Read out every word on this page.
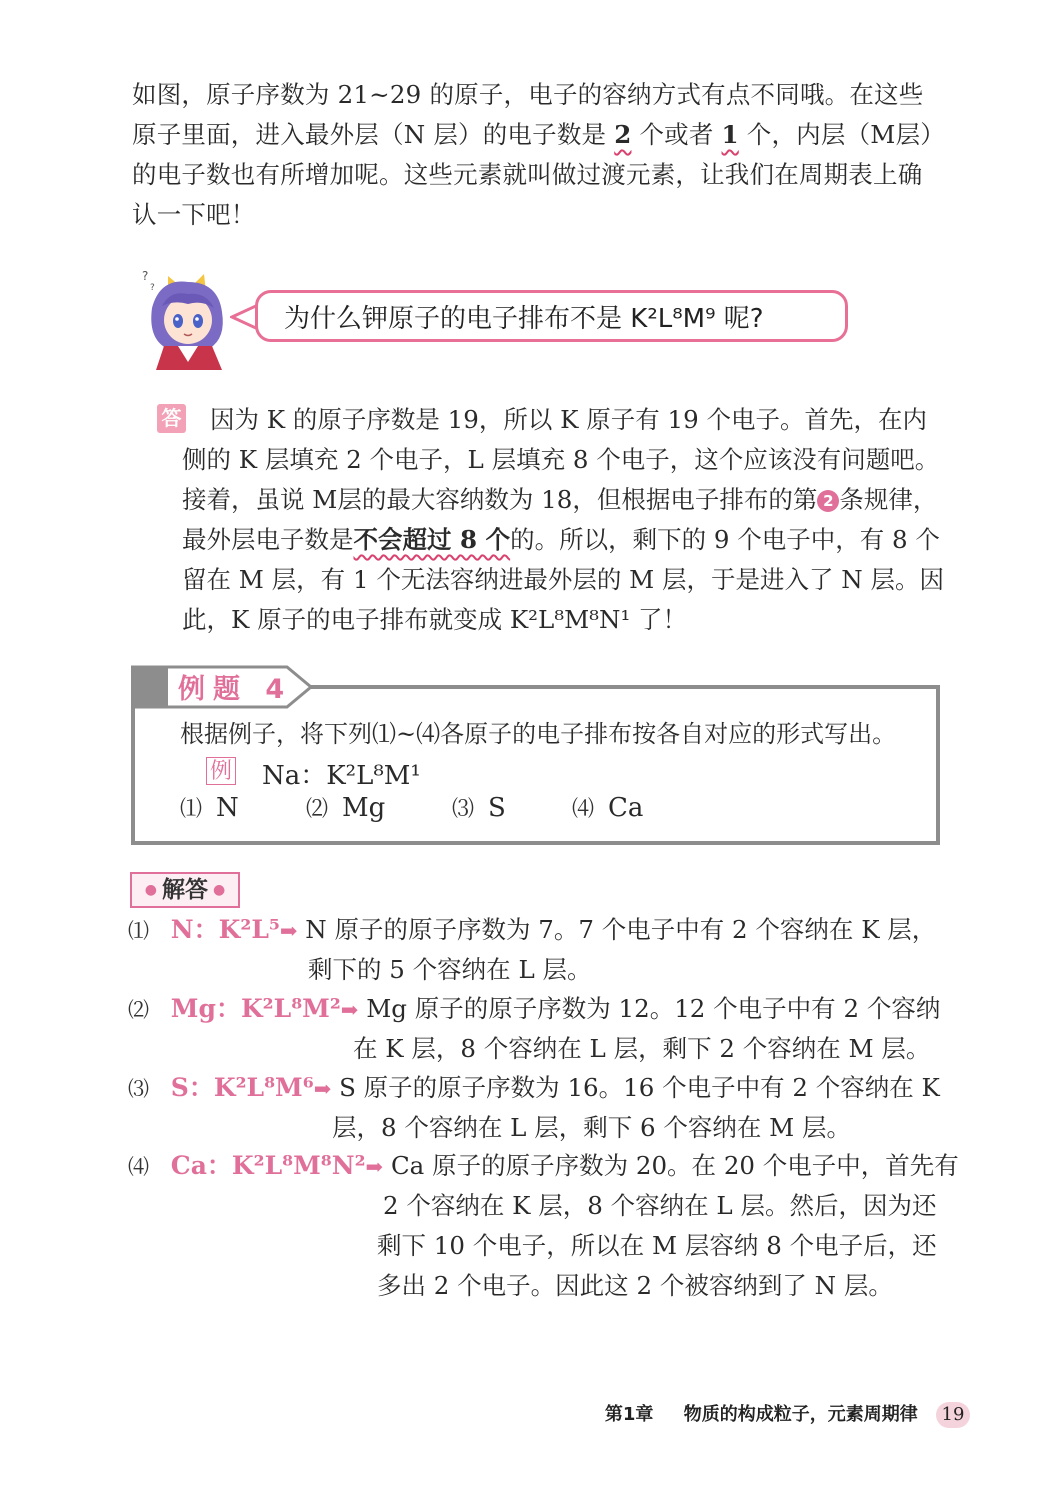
如图，原子序数为 21~29 的原子，电子的容纳方式有点不同哦。在这些

原子里面，进入最外层（N 层）的电子数是 2 个或者 1 个，内层（M层）

的电子数也有所增加呢。这些元素就叫做过渡元素，让我们在周期表上确

认一下吧！

?
?
为什么钾原子的电子排布不是 K²L⁸M⁹ 呢?
答	因为 K 的原子序数是 19，所以 K 原子有 19 个电子。首先，在内

侧的 K 层填充 2 个电子，L 层填充 8 个电子，这个应该没有问题吧。

接着，虽说 M层的最大容纳数为 18，但根据电子排布的第 2 条规律，

最外层电子数是不会超过 8 个的。所以，剩下的 9 个电子中，有 8 个

留在 M 层，有 1 个无法容纳进最外层的 M 层，于是进入了 N 层。因

此，K 原子的电子排布就变成 K²L⁸M⁸N¹ 了！

例题 4
根据例子，将下列⑴~⑷各原子的电子排布按各自对应的形式写出。
例 Na：K²L⁸M¹
⑴ N	⑵ Mg	⑶ S	⑷ Ca
● 解答 ●
⑴ N：K²L⁵➡ N 原子的原子序数为 7。7 个电子中有 2 个容纳在 K 层，
剩下的 5 个容纳在 L 层。
⑵ Mg：K²L⁸M²➡ Mg 原子的原子序数为 12。12 个电子中有 2 个容纳
在 K 层，8 个容纳在 L 层，剩下 2 个容纳在 M 层。
⑶ S：K²L⁸M⁶➡ S 原子的原子序数为 16。16 个电子中有 2 个容纳在 K
层，8 个容纳在 L 层，剩下 6 个容纳在 M 层。
⑷ Ca：K²L⁸M⁸N²➡ Ca 原子的原子序数为 20。在 20 个电子中，首先有
2 个容纳在 K 层，8 个容纳在 L 层。然后，因为还
剩下 10 个电子，所以在 M 层容纳 8 个电子后，还
多出 2 个电子。因此这 2 个被容纳到了 N 层。
第1章 物质的构成粒子，元素周期律 19
